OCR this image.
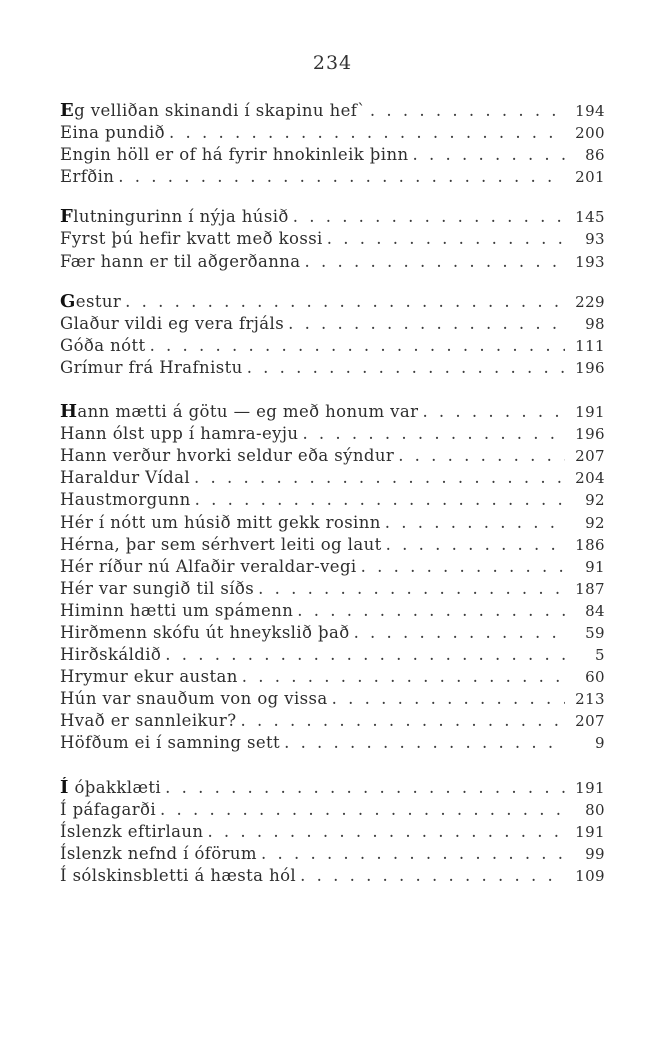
234
Eg velliðan skinandi í skapinu hef` . . .	194
Eina pundið . . .	200
Engin höll er of há fyrir hnokinleik þinn . . .	86
Erfðin . . .	201
Flutningurinn í nýja húsið . . .	145
Fyrst þú hefir kvatt með kossi . . .	93
Fær hann er til aðgerðanna . . .	193
Gestur . . .	229
Glaður vildi eg vera frjáls . . .	98
Góða nótt . . .	111
Grímur frá Hrafnistu . . .	196
Hann mætti á götu — eg með honum var . . .	191
Hann ólst upp í hamra-eyju . . .	196
Hann verður hvorki seldur eða sýndur . . .	207
Haraldur Vídal . . .	204
Haustmorgunn . . .	92
Hér í nótt um húsið mitt gekk rosinn . . .	92
Hérna, þar sem sérhvert leiti og laut . . .	186
Hér ríður nú Alfaðir veraldar-vegi . . .	91
Hér var sungið til síðs . . .	187
Himinn hætti um spámenn . . .	84
Hirðmenn skófu út hneykslið það . . .	59
Hirðskáldið . . .	5
Hrymur ekur austan . . .	60
Hún var snauðum von og vissa . . .	213
Hvað er sannleikur? . . .	207
Höfðum ei í samning sett . . .	9
Í óþakklæti . . .	191
Í páfagarði . . .	80
Íslenzk eftirlaun . . .	191
Íslenzk nefnd í óförum . . .	99
Í sólskinsbletti á hæsta hól . . .	109
